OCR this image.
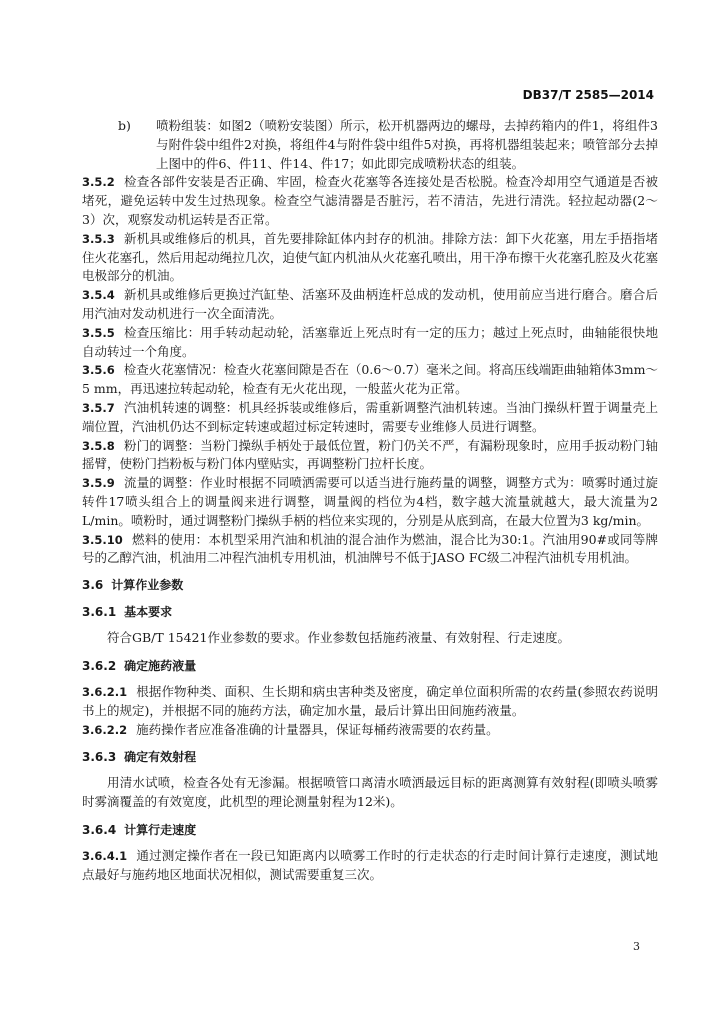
DB37/T 2585—2014

b)	喷粉组装：如图2（喷粉安装图）所示，松开机器两边的螺母，去掉药箱内的件1，将组件3与附件袋中组件2对换，将组件4与附件袋中组件5对换，再将机器组装起来；喷管部分去掉上图中的件6、件11、件14、件17；如此即完成喷粉状态的组装。

3.5.2 检查各部件安装是否正确、牢固，检查火花塞等各连接处是否松脱。检查冷却用空气通道是否被堵死，避免运转中发生过热现象。检查空气滤清器是否脏污，若不清洁，先进行清洗。轻拉起动器(2～3）次，观察发动机运转是否正常。

3.5.3 新机具或维修后的机具，首先要排除缸体内封存的机油。排除方法：卸下火花塞，用左手捂指堵住火花塞孔，然后用起动绳拉几次，迫使气缸内机油从火花塞孔喷出，用干净布擦干火花塞孔腔及火花塞电极部分的机油。

3.5.4 新机具或维修后更换过汽缸垫、活塞环及曲柄连杆总成的发动机，使用前应当进行磨合。磨合后用汽油对发动机进行一次全面清洗。

3.5.5 检查压缩比：用手转动起动轮，活塞靠近上死点时有一定的压力；越过上死点时，曲轴能很快地自动转过一个角度。

3.5.6 检查火花塞情况：检查火花塞间隙是否在（0.6～0.7）毫米之间。将高压线端距曲轴箱体3mm～5 mm，再迅速拉转起动轮，检查有无火花出现，一般蓝火花为正常。

3.5.7 汽油机转速的调整：机具经拆装或维修后，需重新调整汽油机转速。当油门操纵杆置于调量壳上端位置，汽油机仍达不到标定转速或超过标定转速时，需要专业维修人员进行调整。

3.5.8 粉门的调整：当粉门操纵手柄处于最低位置，粉门仍关不严，有漏粉现象时，应用手扳动粉门轴摇臂，使粉门挡粉板与粉门体内壁贴实，再调整粉门拉杆长度。

3.5.9 流量的调整：作业时根据不同喷洒需要可以适当进行施药量的调整，调整方式为：喷雾时通过旋转件17喷头组合上的调量阀来进行调整，调量阀的档位为4档，数字越大流量就越大，最大流量为2 L/min。喷粉时，通过调整粉门操纵手柄的档位来实现的，分别是从底到高，在最大位置为3 kg/min。

3.5.10 燃料的使用：本机型采用汽油和机油的混合油作为燃油，混合比为30:1。汽油用90#或同等牌号的乙醇汽油，机油用二冲程汽油机专用机油，机油牌号不低于JASO FC级二冲程汽油机专用机油。

3.6 计算作业参数

3.6.1 基本要求

符合GB/T 15421作业参数的要求。作业参数包括施药液量、有效射程、行走速度。

3.6.2 确定施药液量

3.6.2.1 根据作物种类、面积、生长期和病虫害种类及密度，确定单位面积所需的农药量(参照农药说明书上的规定)，并根据不同的施药方法，确定加水量，最后计算出田间施药液量。

3.6.2.2 施药操作者应准备准确的计量器具，保证每桶药液需要的农药量。

3.6.3 确定有效射程

用清水试喷，检查各处有无渗漏。根据喷管口离清水喷洒最远目标的距离测算有效射程(即喷头喷雾时雾滴覆盖的有效宽度，此机型的理论测量射程为12米)。

3.6.4 计算行走速度

3.6.4.1 通过测定操作者在一段已知距离内以喷雾工作时的行走状态的行走时间计算行走速度，测试地点最好与施药地区地面状况相似，测试需要重复三次。

3
